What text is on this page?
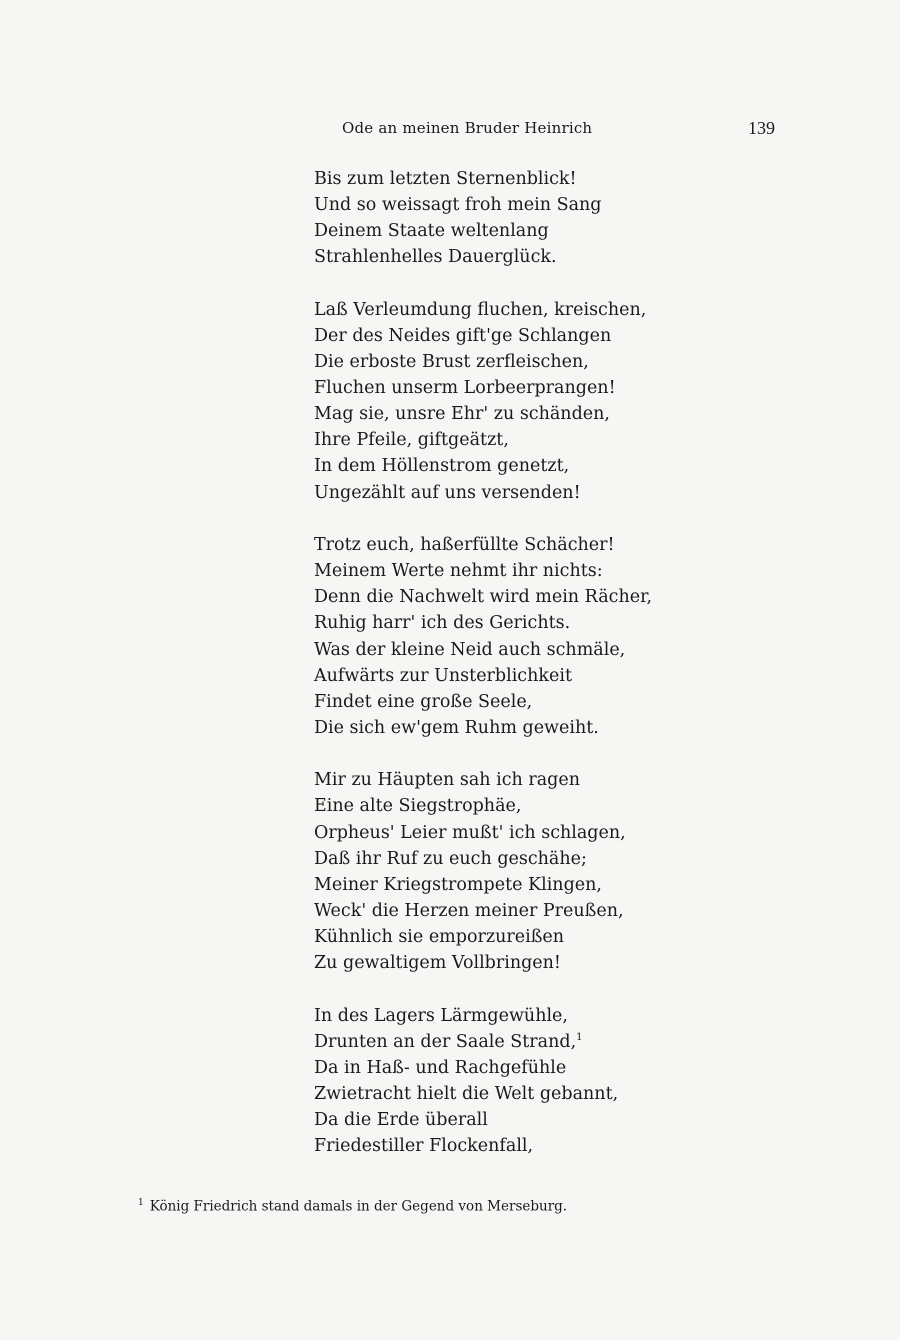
Ode an meinen Bruder Heinrich	139
Bis zum letzten Sternenblick!
Und so weissagt froh mein Sang
Deinem Staate weltenlang
Strahlenhelles Dauerglück.
Laß Verleumdung fluchen, kreischen,
Der des Neides gift'ge Schlangen
Die erboste Brust zerfleischen,
Fluchen unserm Lorbeerprangen!
Mag sie, unsre Ehr' zu schänden,
Ihre Pfeile, giftgeätzt,
In dem Höllenstrom genetzt,
Ungezählt auf uns versenden!
Trotz euch, haßerfüllte Schächer!
Meinem Werte nehmt ihr nichts:
Denn die Nachwelt wird mein Rächer,
Ruhig harr' ich des Gerichts.
Was der kleine Neid auch schmäle,
Aufwärts zur Unsterblichkeit
Findet eine große Seele,
Die sich ew'gem Ruhm geweiht.
Mir zu Häupten sah ich ragen
Eine alte Siegstrophäe,
Orpheus' Leier mußt' ich schlagen,
Daß ihr Ruf zu euch geschähe;
Meiner Kriegstrompete Klingen,
Weck' die Herzen meiner Preußen,
Kühnlich sie emporzureißen
Zu gewaltigem Vollbringen!
In des Lagers Lärmgewühle,
Drunten an der Saale Strand,$^1$
Da in Haß- und Rachgefühle
Zwietracht hielt die Welt gebannt,
Da die Erde überall
Friedestiller Flockenfall,
$^1$ König Friedrich stand damals in der Gegend von Merseburg.
